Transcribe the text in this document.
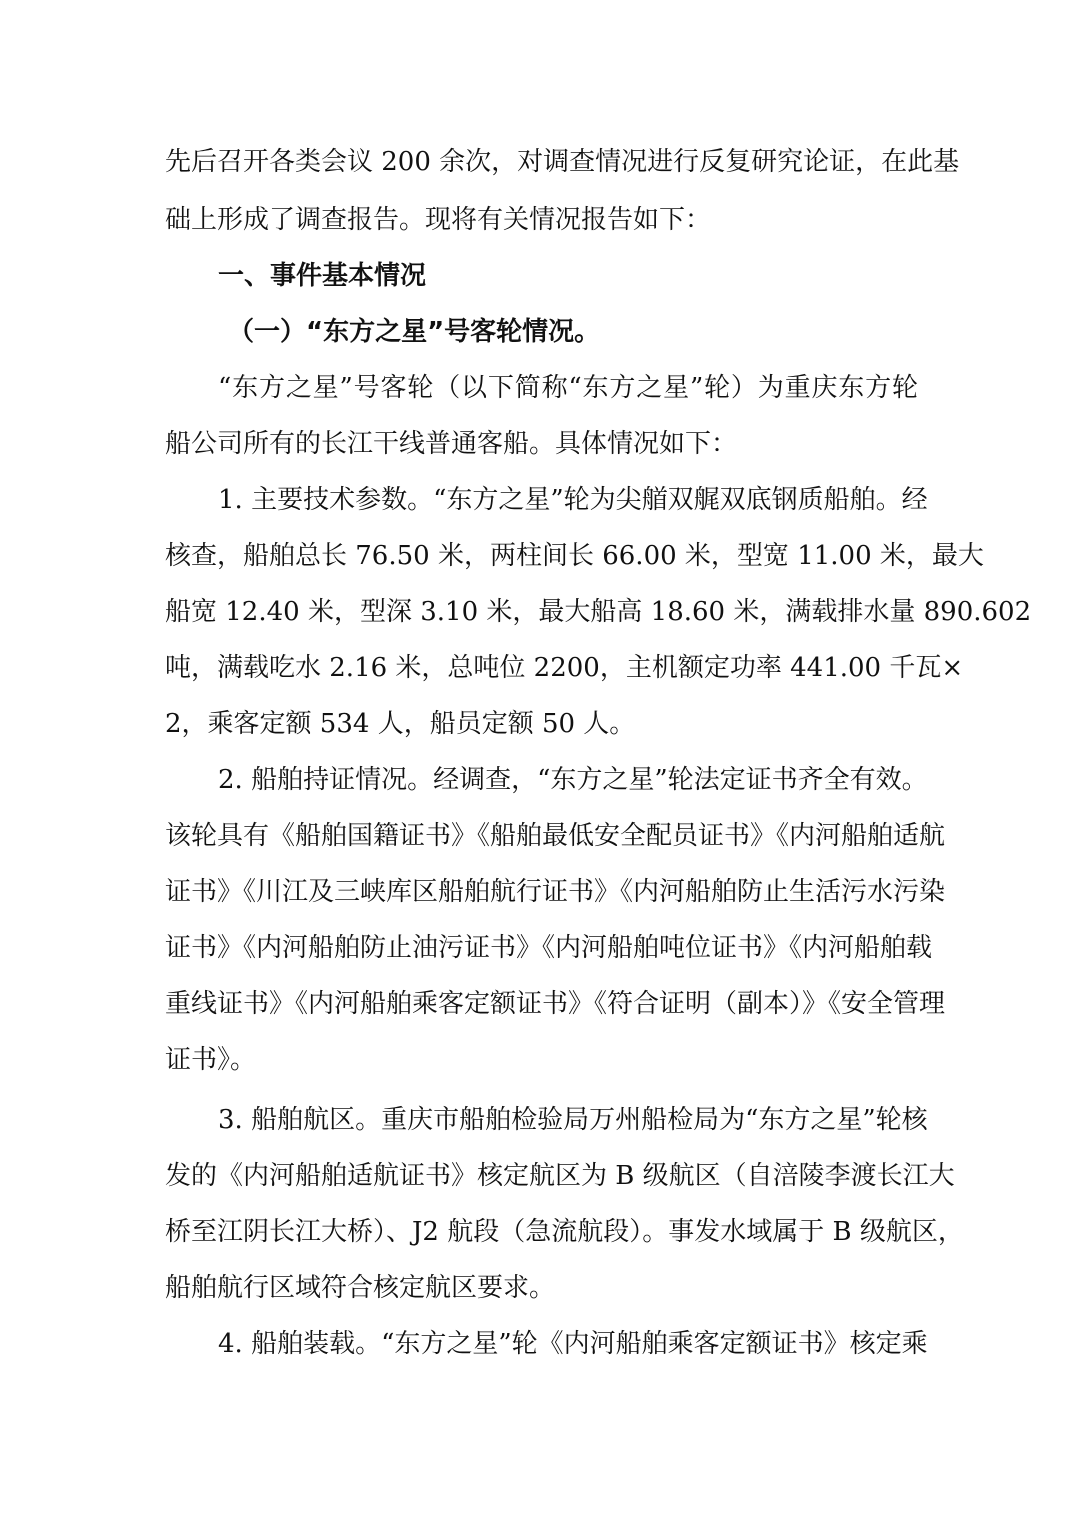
先后召开各类会议 200 余次，对调查情况进行反复研究论证，在此基
础上形成了调查报告。现将有关情况报告如下：
一、事件基本情况
（一）“东方之星”号客轮情况。
“东方之星”号客轮（以下简称“东方之星”轮）为重庆东方轮
船公司所有的长江干线普通客船。具体情况如下：
1. 主要技术参数。“东方之星”轮为尖艏双艉双底钢质船舶。经
核查，船舶总长 76.50 米，两柱间长 66.00 米，型宽 11.00 米，最大
船宽 12.40 米，型深 3.10 米，最大船高 18.60 米，满载排水量 890.602
吨，满载吃水 2.16 米，总吨位 2200，主机额定功率 441.00 千瓦×
2，乘客定额 534 人，船员定额 50 人。
2. 船舶持证情况。经调查，“东方之星”轮法定证书齐全有效。
该轮具有《船舶国籍证书》《船舶最低安全配员证书》《内河船舶适航
证书》《川江及三峡库区船舶航行证书》《内河船舶防止生活污水污染
证书》《内河船舶防止油污证书》《内河船舶吨位证书》《内河船舶载
重线证书》《内河船舶乘客定额证书》《符合证明（副本）》《安全管理
证书》。
3. 船舶航区。重庆市船舶检验局万州船检局为“东方之星”轮核
发的《内河船舶适航证书》核定航区为 B 级航区（自涪陵李渡长江大
桥至江阴长江大桥）、J2 航段（急流航段）。事发水域属于 B 级航区，
船舶航行区域符合核定航区要求。
4. 船舶装载。“东方之星”轮《内河船舶乘客定额证书》核定乘
